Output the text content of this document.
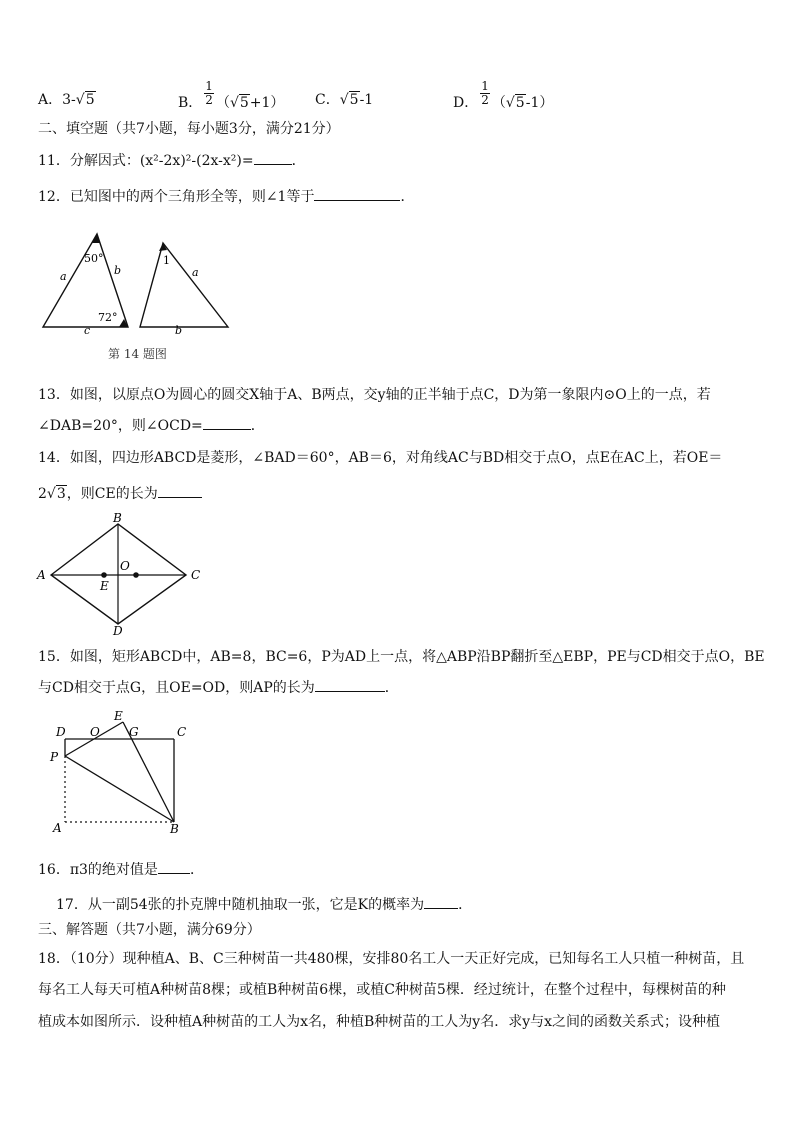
A．3-√5	B． $\frac{1}{2} (√5+1)$ C．√5-1	D． $\frac{1}{2} (√5-1)$
二、填空题（共7小题，每小题3分，满分21分）
11．分解因式：(x²-2x)²-(2x-x²)=	．
12．已知图中的两个三角形全等，则∠1等于	．
50°
72°
a	b
c
1
a
b
第 14 题图
13．如图，以原点O为圆心的圆交X轴于A、B两点，交y轴的正半轴于点C，D为第一象限内⊙O上的一点，若
∠DAB=20°，则∠OCD=	．
14．如图，四边形ABCD是菱形，∠BAD＝60°，AB＝6，对角线AC与BD相交于点O，点E在AC上，若OE＝
2√3，则CE的长为
A
B
C
D
O
E
15．如图，矩形ABCD中，AB=8，BC=6，P为AD上一点，将△ABP沿BP翻折至△EBP，PE与CD相交于点O，BE
与CD相交于点G，且OE=OD，则AP的长为	．
D O
E
G	C
P
A	B
16．π3的绝对值是 ．
17．从一副54张的扑克牌中随机抽取一张，它是K的概率为 ．
三、解答题（共7小题，满分69分）
18．（10分）现种植A、B、C三种树苗一共480棵，安排80名工人一天正好完成，已知每名工人只植一种树苗，且
每名工人每天可植A种树苗8棵；或植B种树苗6棵，或植C种树苗5棵．经过统计，在整个过程中，每棵树苗的种
植成本如图所示．设种植A种树苗的工人为x名，种植B种树苗的工人为y名．求y与x之间的函数关系式；设种植
